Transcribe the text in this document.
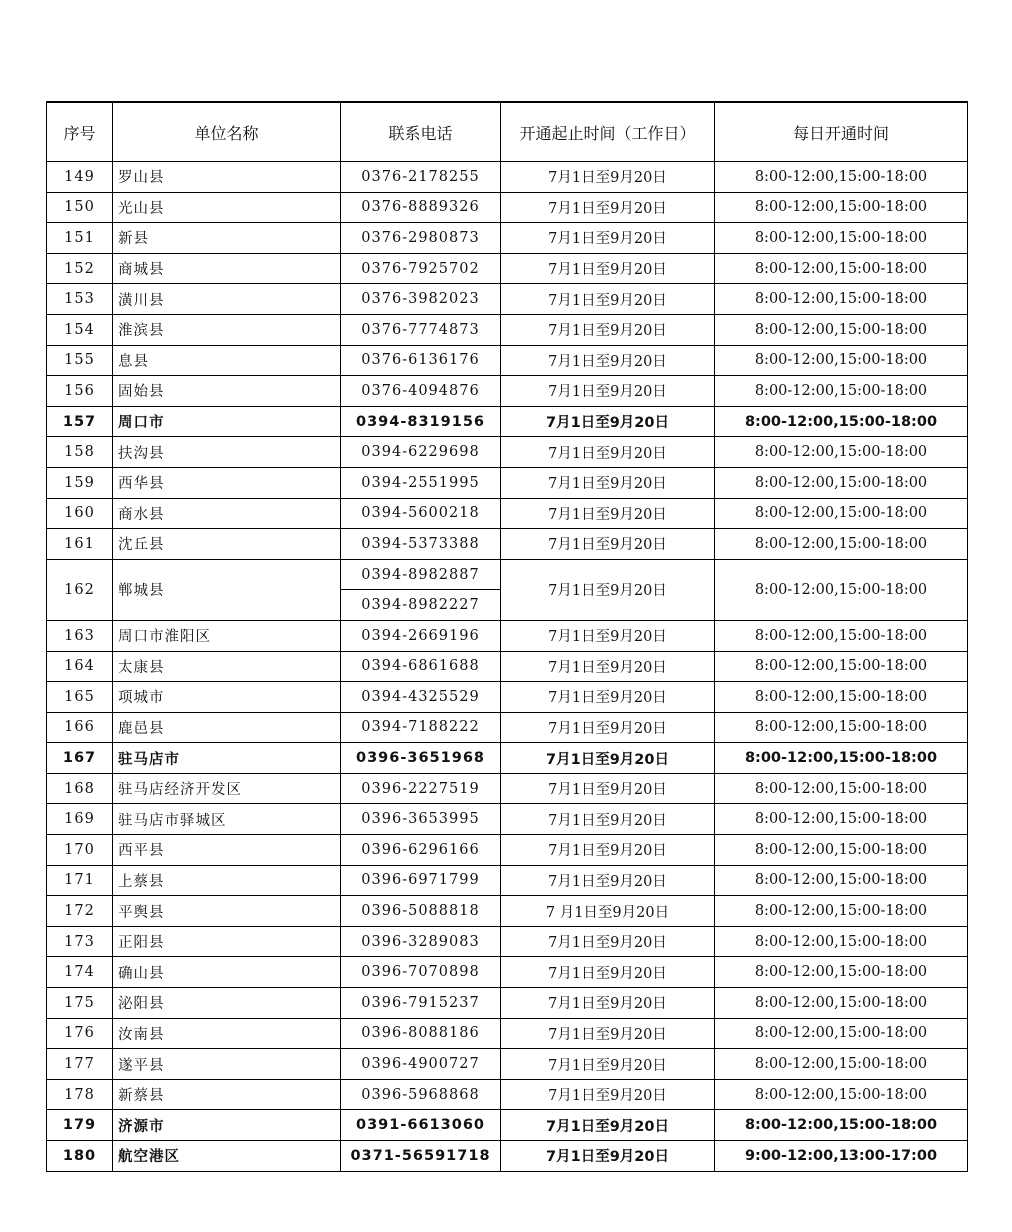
序号	单位名称	联系电话	开通起止时间（工作日）	每日开通时间
149	罗山县	0376-2178255	7月1日至9月20日	8:00-12:00,15:00-18:00
150	光山县	0376-8889326	7月1日至9月20日	8:00-12:00,15:00-18:00
151	新县	0376-2980873	7月1日至9月20日	8:00-12:00,15:00-18:00
152	商城县	0376-7925702	7月1日至9月20日	8:00-12:00,15:00-18:00
153	潢川县	0376-3982023	7月1日至9月20日	8:00-12:00,15:00-18:00
154	淮滨县	0376-7774873	7月1日至9月20日	8:00-12:00,15:00-18:00
155	息县	0376-6136176	7月1日至9月20日	8:00-12:00,15:00-18:00
156	固始县	0376-4094876	7月1日至9月20日	8:00-12:00,15:00-18:00
157	周口市	0394-8319156	7月1日至9月20日	8:00-12:00,15:00-18:00
158	扶沟县	0394-6229698	7月1日至9月20日	8:00-12:00,15:00-18:00
159	西华县	0394-2551995	7月1日至9月20日	8:00-12:00,15:00-18:00
160	商水县	0394-5600218	7月1日至9月20日	8:00-12:00,15:00-18:00
161	沈丘县	0394-5373388	7月1日至9月20日	8:00-12:00,15:00-18:00
162	郸城县	0394-8982887	7月1日至9月20日	8:00-12:00,15:00-18:00
		0394-8982227		
163	周口市淮阳区	0394-2669196	7月1日至9月20日	8:00-12:00,15:00-18:00
164	太康县	0394-6861688	7月1日至9月20日	8:00-12:00,15:00-18:00
165	项城市	0394-4325529	7月1日至9月20日	8:00-12:00,15:00-18:00
166	鹿邑县	0394-7188222	7月1日至9月20日	8:00-12:00,15:00-18:00
167	驻马店市	0396-3651968	7月1日至9月20日	8:00-12:00,15:00-18:00
168	驻马店经济开发区	0396-2227519	7月1日至9月20日	8:00-12:00,15:00-18:00
169	驻马店市驿城区	0396-3653995	7月1日至9月20日	8:00-12:00,15:00-18:00
170	西平县	0396-6296166	7月1日至9月20日	8:00-12:00,15:00-18:00
171	上蔡县	0396-6971799	7月1日至9月20日	8:00-12:00,15:00-18:00
172	平舆县	0396-5088818	7 月1日至9月20日	8:00-12:00,15:00-18:00
173	正阳县	0396-3289083	7月1日至9月20日	8:00-12:00,15:00-18:00
174	确山县	0396-7070898	7月1日至9月20日	8:00-12:00,15:00-18:00
175	泌阳县	0396-7915237	7月1日至9月20日	8:00-12:00,15:00-18:00
176	汝南县	0396-8088186	7月1日至9月20日	8:00-12:00,15:00-18:00
177	遂平县	0396-4900727	7月1日至9月20日	8:00-12:00,15:00-18:00
178	新蔡县	0396-5968868	7月1日至9月20日	8:00-12:00,15:00-18:00
179	济源市	0391-6613060	7月1日至9月20日	8:00-12:00,15:00-18:00
180	航空港区	0371-56591718	7月1日至9月20日	9:00-12:00,13:00-17:00
